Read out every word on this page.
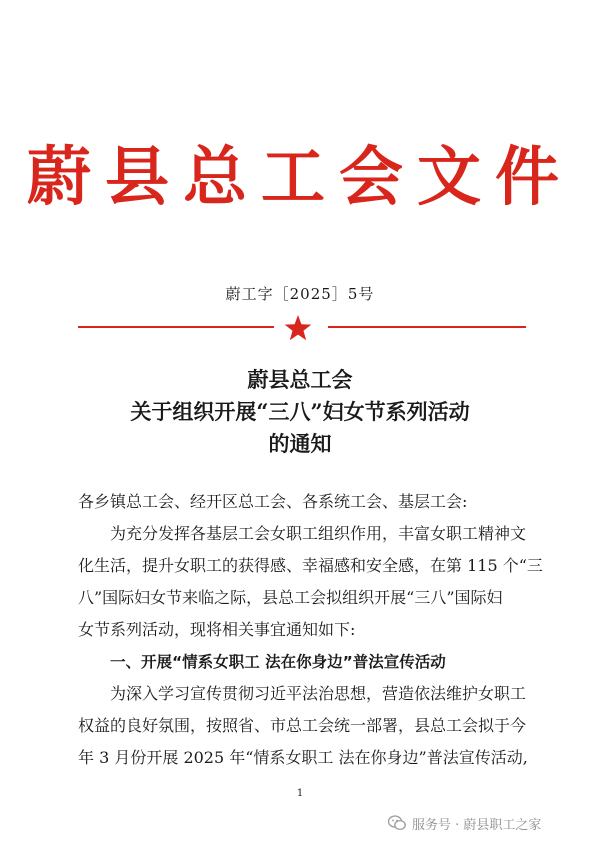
蔚县总工会文件
蔚工字［2025］5号
蔚县总工会
关于组织开展“三八”妇女节系列活动
的通知
各乡镇总工会、经开区总工会、各系统工会、基层工会:
为充分发挥各基层工会女职工组织作用，丰富女职工精神文
化生活，提升女职工的获得感、幸福感和安全感，在第 115 个“三
八”国际妇女节来临之际，县总工会拟组织开展“三八”国际妇
女节系列活动，现将相关事宜通知如下:
一、开展“情系女职工 法在你身边”普法宣传活动
为深入学习宣传贯彻习近平法治思想，营造依法维护女职工
权益的良好氛围，按照省、市总工会统一部署，县总工会拟于今
年 3 月份开展 2025 年“情系女职工 法在你身边”普法宣传活动,
1
服务号 · 蔚县职工之家
